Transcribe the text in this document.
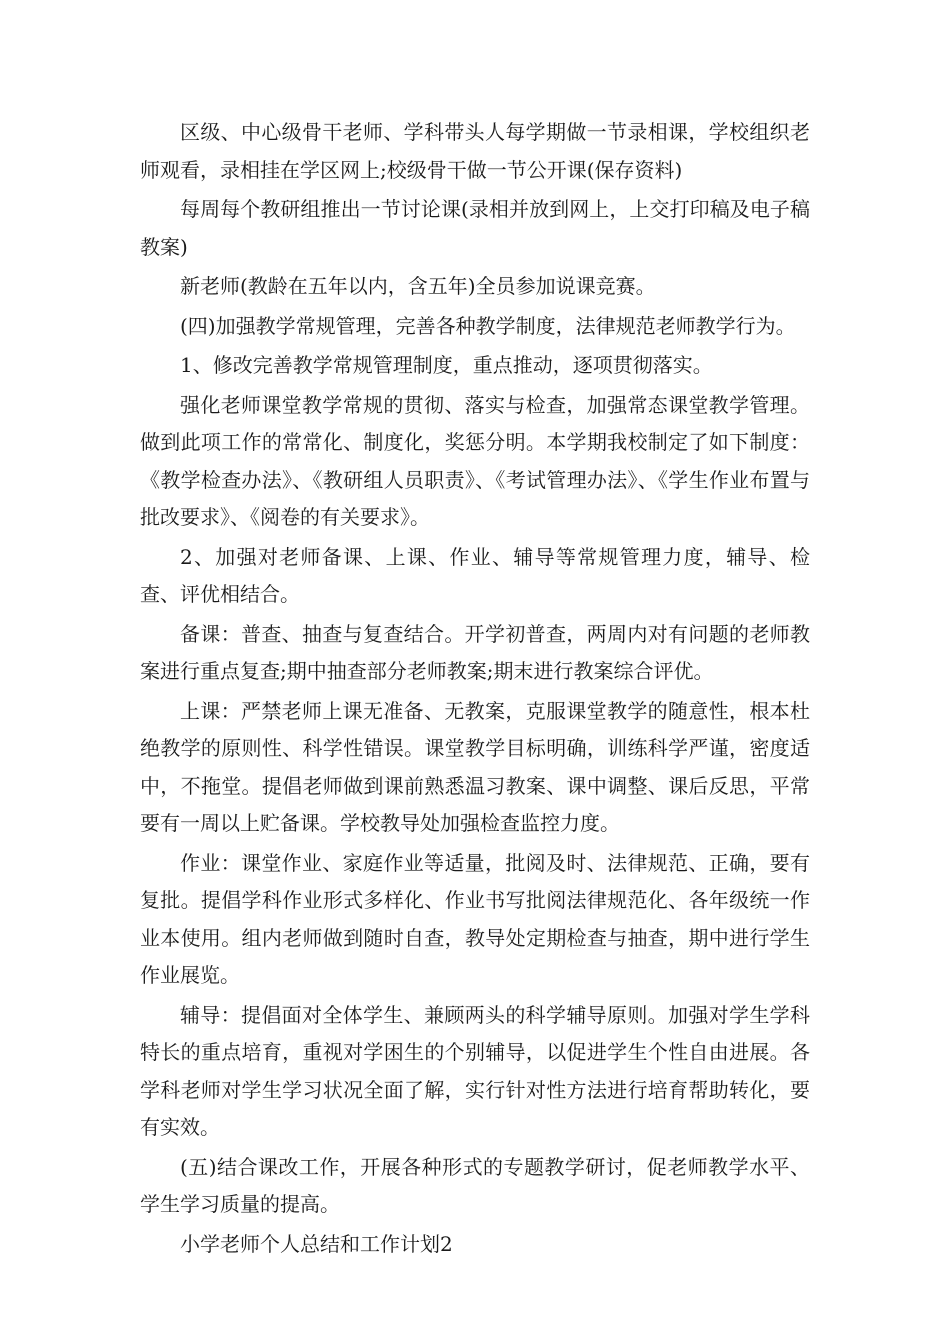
区级、中心级骨干老师、学科带头人每学期做一节录相课，学校组织老师观看，录相挂在学区网上;校级骨干做一节公开课(保存资料)

每周每个教研组推出一节讨论课(录相并放到网上，上交打印稿及电子稿教案)

新老师(教龄在五年以内，含五年)全员参加说课竞赛。

(四)加强教学常规管理，完善各种教学制度，法律规范老师教学行为。

1、修改完善教学常规管理制度，重点推动，逐项贯彻落实。

强化老师课堂教学常规的贯彻、落实与检查，加强常态课堂教学管理。做到此项工作的常常化、制度化，奖惩分明。本学期我校制定了如下制度：《教学检查办法》、《教研组人员职责》、《考试管理办法》、《学生作业布置与批改要求》、《阅卷的有关要求》。

2、加强对老师备课、上课、作业、辅导等常规管理力度，辅导、检查、评优相结合。

备课：普查、抽查与复查结合。开学初普查，两周内对有问题的老师教案进行重点复查;期中抽查部分老师教案;期末进行教案综合评优。

上课：严禁老师上课无准备、无教案，克服课堂教学的随意性，根本杜绝教学的原则性、科学性错误。课堂教学目标明确，训练科学严谨，密度适中，不拖堂。提倡老师做到课前熟悉温习教案、课中调整、课后反思，平常要有一周以上贮备课。学校教导处加强检查监控力度。

作业：课堂作业、家庭作业等适量，批阅及时、法律规范、正确，要有复批。提倡学科作业形式多样化、作业书写批阅法律规范化、各年级统一作业本使用。组内老师做到随时自查，教导处定期检查与抽查，期中进行学生作业展览。

辅导：提倡面对全体学生、兼顾两头的科学辅导原则。加强对学生学科特长的重点培育，重视对学困生的个别辅导，以促进学生个性自由进展。各学科老师对学生学习状况全面了解，实行针对性方法进行培育帮助转化，要有实效。

(五)结合课改工作，开展各种形式的专题教学研讨，促老师教学水平、学生学习质量的提高。

小学老师个人总结和工作计划2
